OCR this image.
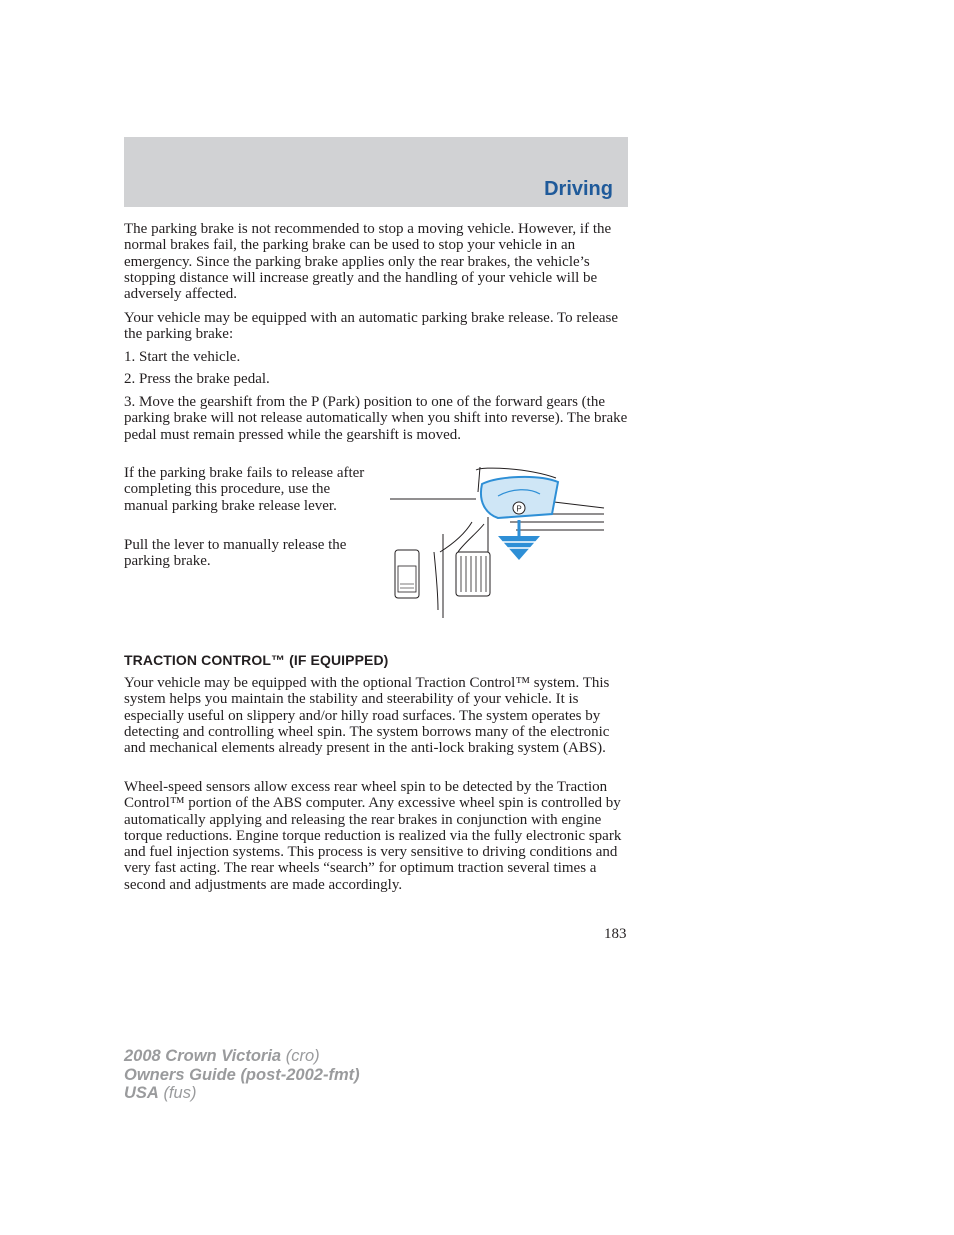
Driving

The parking brake is not recommended to stop a moving vehicle. However, if the normal brakes fail, the parking brake can be used to stop your vehicle in an emergency. Since the parking brake applies only the rear brakes, the vehicle’s stopping distance will increase greatly and the handling of your vehicle will be adversely affected.

Your vehicle may be equipped with an automatic parking brake release. To release the parking brake:

1. Start the vehicle.

2. Press the brake pedal.

3. Move the gearshift from the P (Park) position to one of the forward gears (the parking brake will not release automatically when you shift into reverse). The brake pedal must remain pressed while the gearshift is moved.

If the parking brake fails to release after completing this procedure, use the manual parking brake release lever.

Pull the lever to manually release the parking brake.

P
TRACTION CONTROL™ (IF EQUIPPED)

Your vehicle may be equipped with the optional Traction Control™ system. This system helps you maintain the stability and steerability of your vehicle. It is especially useful on slippery and/or hilly road surfaces. The system operates by detecting and controlling wheel spin. The system borrows many of the electronic and mechanical elements already present in the anti-lock braking system (ABS).

Wheel-speed sensors allow excess rear wheel spin to be detected by the Traction Control™ portion of the ABS computer. Any excessive wheel spin is controlled by automatically applying and releasing the rear brakes in conjunction with engine torque reductions. Engine torque reduction is realized via the fully electronic spark and fuel injection systems. This process is very sensitive to driving conditions and very fast acting. The rear wheels “search” for optimum traction several times a second and adjustments are made accordingly.

183
2008 Crown Victoria (cro)
Owners Guide (post-2002-fmt)
USA (fus)
